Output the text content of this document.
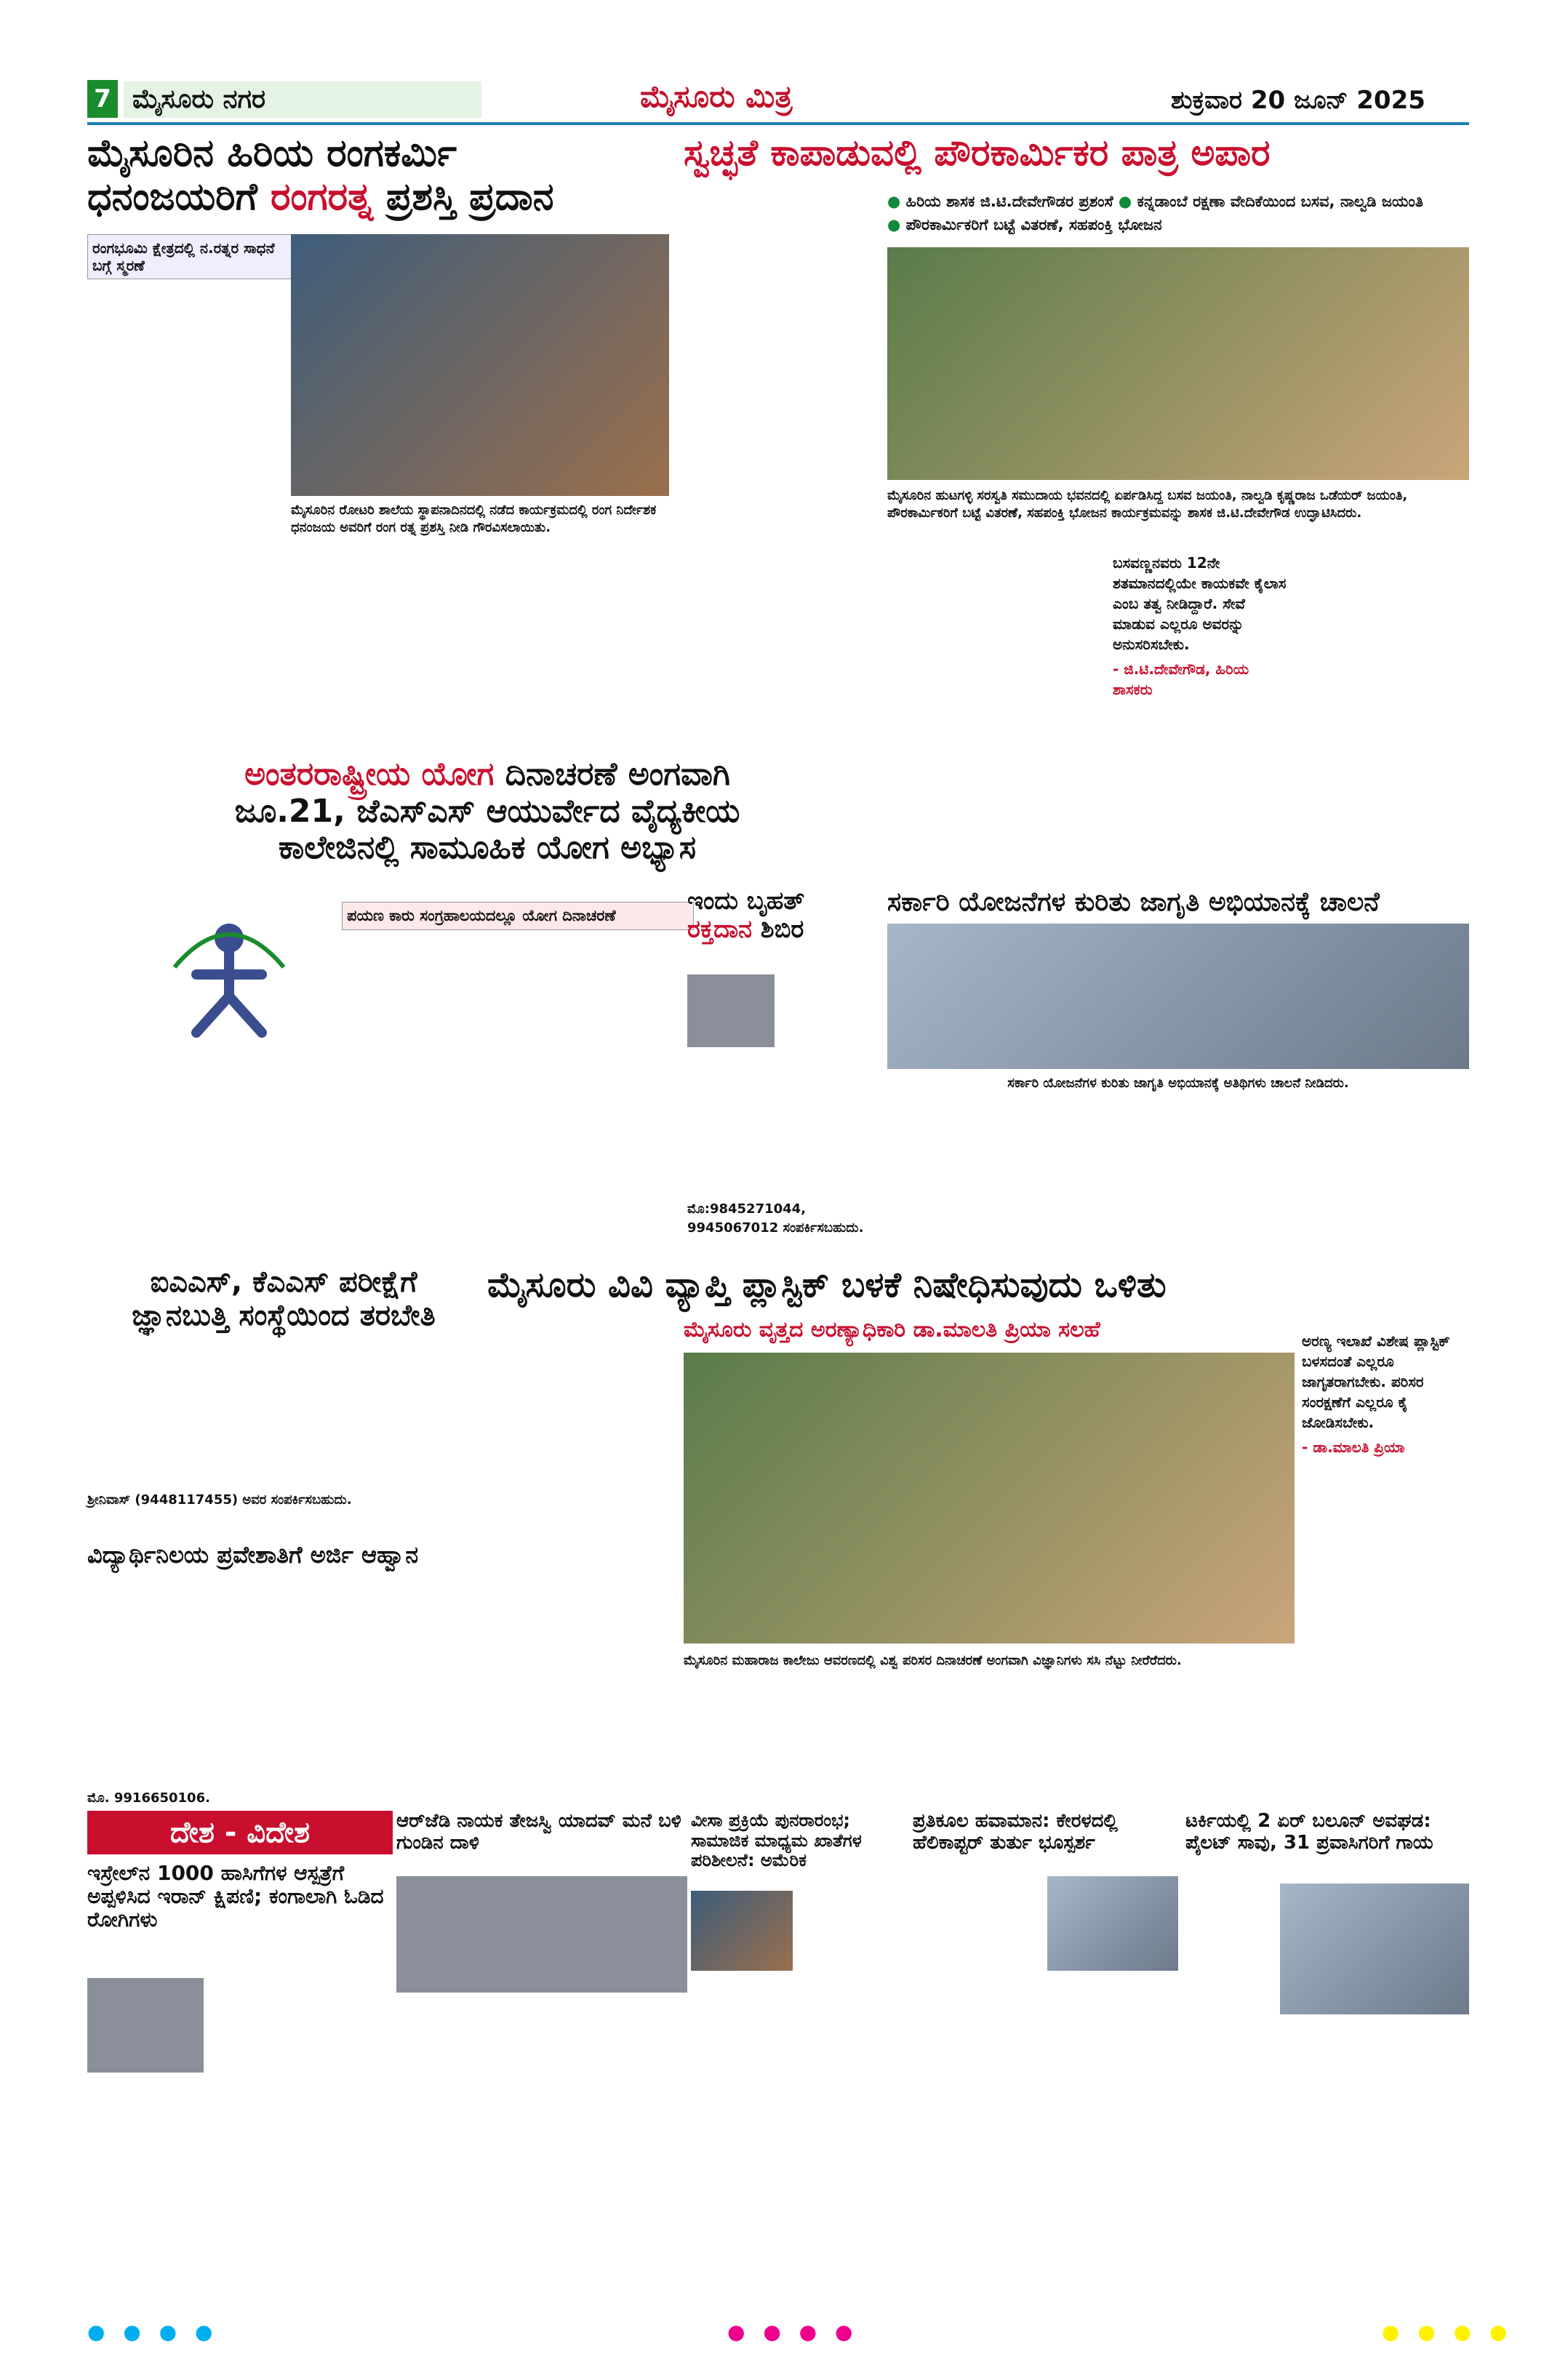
7 ಮೈಸೂರು ನಗರ	ಮೈಸೂರು ಮಿತ್ರ	ಶುಕ್ರವಾರ 20 ಜೂನ್ 2025
ಮೈಸೂರಿನ ಹಿರಿಯ ರಂಗಕರ್ಮಿ
ಧನಂಜಯರಿಗೆ ರಂಗರತ್ನ ಪ್ರಶಸ್ತಿ ಪ್ರದಾನ
ರಂಗಭೂಮಿ ಕ್ಷೇತ್ರದಲ್ಲಿ ನ.ರತ್ನರ ಸಾಧನೆ ಬಗ್ಗೆ ಸ್ಮರಣೆ
ಮೈಸೂರಿನ ರೋಟರಿ ಶಾಲೆಯ ಸ್ಥಾಪನಾದಿನದಲ್ಲಿ ನಡೆದ ಕಾರ್ಯಕ್ರಮದಲ್ಲಿ ರಂಗ ನಿರ್ದೇಶಕ ಧನಂಜಯ ಅವರಿಗೆ ರಂಗ ರತ್ನ ಪ್ರಶಸ್ತಿ ನೀಡಿ ಗೌರವಿಸಲಾಯಿತು.
ಸ್ವಚ್ಛತೆ ಕಾಪಾಡುವಲ್ಲಿ ಪೌರಕಾರ್ಮಿಕರ ಪಾತ್ರ ಅಪಾರ
● ಹಿರಿಯ ಶಾಸಕ ಜಿ.ಟಿ.ದೇವೇಗೌಡರ ಪ್ರಶಂಸೆ ● ಕನ್ನಡಾಂಬೆ ರಕ್ಷಣಾ ವೇದಿಕೆಯಿಂದ ಬಸವ, ನಾಲ್ವಡಿ ಜಯಂತಿ
● ಪೌರಕಾರ್ಮಿಕರಿಗೆ ಬಟ್ಟೆ ವಿತರಣೆ, ಸಹಪಂಕ್ತಿ ಭೋಜನ
ಮೈಸೂರಿನ ಹುಟಗಳ್ಳಿ ಸರಸ್ವತಿ ಸಮುದಾಯ ಭವನದಲ್ಲಿ ಏರ್ಪಡಿಸಿದ್ದ ಬಸವ ಜಯಂತಿ, ನಾಲ್ವಡಿ ಕೃಷ್ಣರಾಜ ಒಡೆಯರ್ ಜಯಂತಿ, ಪೌರಕಾರ್ಮಿಕರಿಗೆ ಬಟ್ಟೆ ವಿತರಣೆ, ಸಹಪಂಕ್ತಿ ಭೋಜನ ಕಾರ್ಯಕ್ರಮವನ್ನು ಶಾಸಕ ಜಿ.ಟಿ.ದೇವೇಗೌಡ ಉದ್ಘಾಟಿಸಿದರು.
ಬಸವಣ್ಣನವರು 12ನೇ ಶತಮಾನದಲ್ಲಿಯೇ ಕಾಯಕವೇ ಕೈಲಾಸ ಎಂಬ ತತ್ವ ನೀಡಿದ್ದಾರೆ. ಸೇವೆ ಮಾಡುವ ಎಲ್ಲರೂ ಅವರನ್ನು ಅನುಸರಿಸಬೇಕು.
- ಜಿ.ಟಿ.ದೇವೇಗೌಡ, ಹಿರಿಯ ಶಾಸಕರು
ಅಂತರರಾಷ್ಟ್ರೀಯ ಯೋಗ ದಿನಾಚರಣೆ ಅಂಗವಾಗಿ
ಜೂ.21, ಜೆಎಸ್‌ಎಸ್ ಆಯುರ್ವೇದ ವೈದ್ಯಕೀಯ
ಕಾಲೇಜಿನಲ್ಲಿ ಸಾಮೂಹಿಕ ಯೋಗ ಅಭ್ಯಾಸ
ಪಯಣ ಕಾರು ಸಂಗ್ರಹಾಲಯದಲ್ಲೂ ಯೋಗ ದಿನಾಚರಣೆ	ಇಂದು ಬೃಹತ್
ರಕ್ತದಾನ ಶಿಬಿರ
ಮೊ:9845271044, 9945067012 ಸಂಪರ್ಕಿಸಬಹುದು.
ಸರ್ಕಾರಿ ಯೋಜನೆಗಳ ಕುರಿತು ಜಾಗೃತಿ ಅಭಿಯಾನಕ್ಕೆ ಚಾಲನೆ
ಸರ್ಕಾರಿ ಯೋಜನೆಗಳ ಕುರಿತು ಜಾಗೃತಿ ಅಭಿಯಾನಕ್ಕೆ ಅತಿಥಿಗಳು ಚಾಲನೆ ನೀಡಿದರು.
ಐಎಎಸ್, ಕೆಎಎಸ್ ಪರೀಕ್ಷೆಗೆ
ಜ್ಞಾನಬುತ್ತಿ ಸಂಸ್ಥೆಯಿಂದ ತರಬೇತಿ
ಶ್ರೀನಿವಾಸ್ (9448117455) ಅವರ ಸಂಪರ್ಕಿಸಬಹುದು.
ವಿದ್ಯಾರ್ಥಿನಿಲಯ ಪ್ರವೇಶಾತಿಗೆ ಅರ್ಜಿ ಆಹ್ವಾನ
ಮೊ. 9916650106.
ಮೈಸೂರು ವಿವಿ ವ್ಯಾಪ್ತಿ ಪ್ಲಾಸ್ಟಿಕ್ ಬಳಕೆ ನಿಷೇಧಿಸುವುದು ಒಳಿತು
ಮೈಸೂರು ವೃತ್ತದ ಅರಣ್ಯಾಧಿಕಾರಿ ಡಾ.ಮಾಲತಿ ಪ್ರಿಯಾ ಸಲಹೆ
ಮೈಸೂರಿನ ಮಹಾರಾಜ ಕಾಲೇಜು ಆವರಣದಲ್ಲಿ ವಿಶ್ವ ಪರಿಸರ ದಿನಾಚರಣೆ ಅಂಗವಾಗಿ ವಿಜ್ಞಾನಿಗಳು ಸಸಿ ನೆಟ್ಟು ನೀರೆರೆದರು.
ಅರಣ್ಯ ಇಲಾಖೆ ವಿಶೇಷ ಪ್ಲಾಸ್ಟಿಕ್ ಬಳಸದಂತೆ ಎಲ್ಲರೂ ಜಾಗೃತರಾಗಬೇಕು. ಪರಿಸರ ಸಂರಕ್ಷಣೆಗೆ ಎಲ್ಲರೂ ಕೈ ಜೋಡಿಸಬೇಕು.
- ಡಾ.ಮಾಲತಿ ಪ್ರಿಯಾ
ದೇಶ - ವಿದೇಶ
ಇಸ್ರೇಲ್‌ನ 1000 ಹಾಸಿಗೆಗಳ ಆಸ್ಪತ್ರೆಗೆ ಅಪ್ಪಳಿಸಿದ ಇರಾನ್ ಕ್ಷಿಪಣಿ; ಕಂಗಾಲಾಗಿ ಓಡಿದ ರೋಗಿಗಳು
ಆರ್‌ಜೆಡಿ ನಾಯಕ ತೇಜಸ್ವಿ ಯಾದವ್ ಮನೆ ಬಳಿ ಗುಂಡಿನ ದಾಳಿ
ವೀಸಾ ಪ್ರಕ್ರಿಯೆ ಪುನರಾರಂಭ; ಸಾಮಾಜಿಕ ಮಾಧ್ಯಮ ಖಾತೆಗಳ ಪರಿಶೀಲನೆ: ಅಮೆರಿಕ
ಪ್ರತಿಕೂಲ ಹವಾಮಾನ: ಕೇರಳದಲ್ಲಿ ಹೆಲಿಕಾಪ್ಟರ್ ತುರ್ತು ಭೂಸ್ಪರ್ಶ
ಟರ್ಕಿಯಲ್ಲಿ 2 ಏರ್ ಬಲೂನ್ ಅವಘಡ: ಪೈಲಟ್ ಸಾವು, 31 ಪ್ರವಾಸಿಗರಿಗೆ ಗಾಯ
● ● ● ●	● ● ● ●	● ● ● ●
